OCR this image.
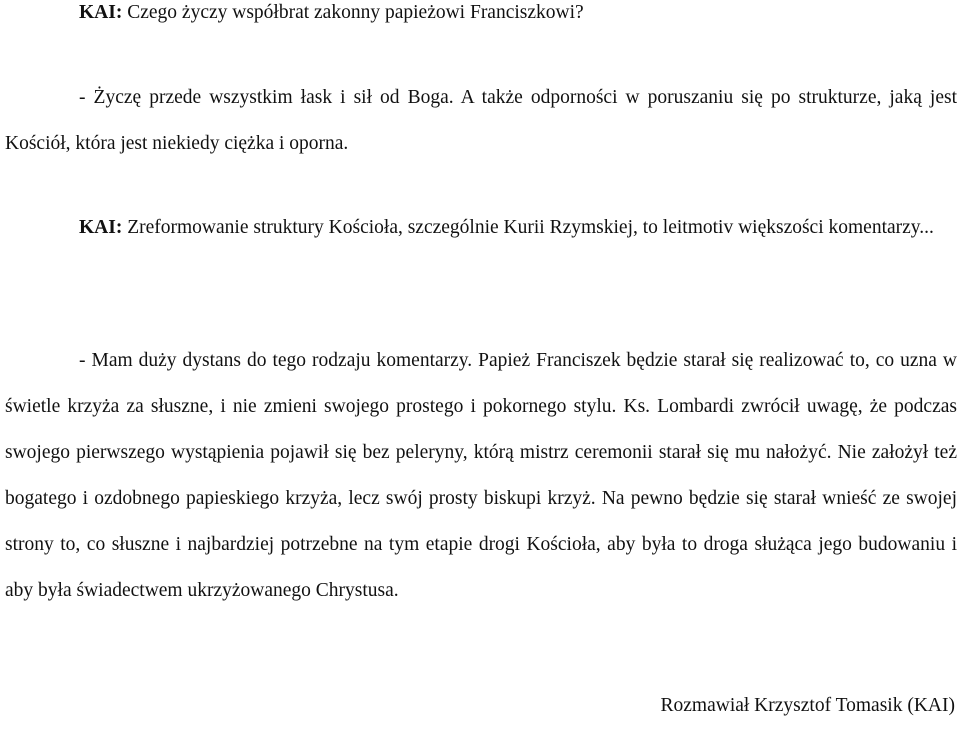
KAI: Czego życzy współbrat zakonny papieżowi Franciszkowi?

- Życzę przede wszystkim łask i sił od Boga. A także odporności w poruszaniu się po strukturze, jaką jest Kościół, która jest niekiedy ciężka i oporna.

KAI: Zreformowanie struktury Kościoła, szczególnie Kurii Rzymskiej, to leitmotiv większości komentarzy...

- Mam duży dystans do tego rodzaju komentarzy. Papież Franciszek będzie starał się realizować to, co uzna w świetle krzyża za słuszne, i nie zmieni swojego prostego i pokornego stylu. Ks. Lombardi zwrócił uwagę, że podczas swojego pierwszego wystąpienia pojawił się bez peleryny, którą mistrz ceremonii starał się mu nałożyć. Nie założył też bogatego i ozdobnego papieskiego krzyża, lecz swój prosty biskupi krzyż. Na pewno będzie się starał wnieść ze swojej strony to, co słuszne i najbardziej potrzebne na tym etapie drogi Kościoła, aby była to droga służąca jego budowaniu i aby była świadectwem ukrzyżowanego Chrystusa.

Rozmawiał Krzysztof Tomasik (KAI)
